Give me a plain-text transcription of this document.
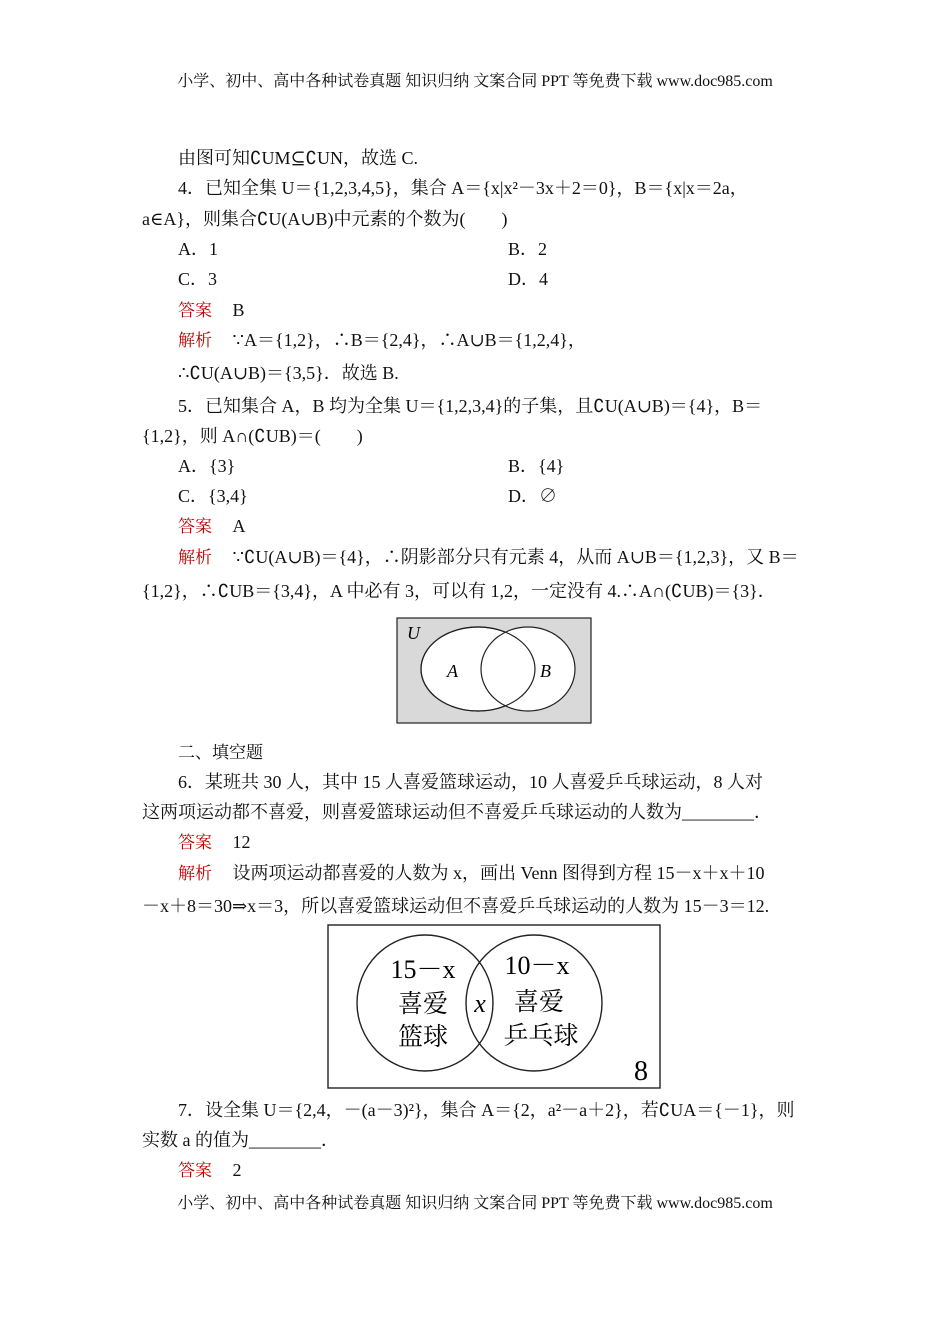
小学、初中、高中各种试卷真题 知识归纳 文案合同 PPT 等免费下载 www.doc985.com
由图可知∁UM⊆∁UN，故选 C.
4．已知全集 U＝{1,2,3,4,5}，集合 A＝{x|x²－3x＋2＝0}，B＝{x|x＝2a，
a∈A}，则集合∁U(A∪B)中元素的个数为(　　)
A．1	B．2
C．3	D．4
答案 B
解析 ∵A＝{1,2}，∴B＝{2,4}，∴A∪B＝{1,2,4}，
∴∁U(A∪B)＝{3,5}．故选 B.
5．已知集合 A，B 均为全集 U＝{1,2,3,4}的子集，且∁U(A∪B)＝{4}，B＝
{1,2}，则 A∩(∁UB)＝(　　)
A．{3}	B．{4}
C．{3,4}	D．∅
答案 A
解析 ∵∁U(A∪B)＝{4}，∴阴影部分只有元素 4，从而 A∪B＝{1,2,3}，又 B＝
{1,2}，∴∁UB＝{3,4}，A 中必有 3，可以有 1,2，一定没有 4.∴A∩(∁UB)＝{3}．
U
A	B
二、填空题
6．某班共 30 人，其中 15 人喜爱篮球运动，10 人喜爱乒乓球运动，8 人对
这两项运动都不喜爱，则喜爱篮球运动但不喜爱乒乓球运动的人数为________．
答案 12
解析 设两项运动都喜爱的人数为 x，画出 Venn 图得到方程 15－x＋x＋10
－x＋8＝30⇒x＝3，所以喜爱篮球运动但不喜爱乒乓球运动的人数为 15－3＝12.
15－x
喜爱
篮球
x
10－x
喜爱
乒乓球
8
7．设全集 U＝{2,4，－(a－3)²}，集合 A＝{2，a²－a＋2}，若∁UA＝{－1}，则
实数 a 的值为________．
答案 2
小学、初中、高中各种试卷真题 知识归纳 文案合同 PPT 等免费下载 www.doc985.com
